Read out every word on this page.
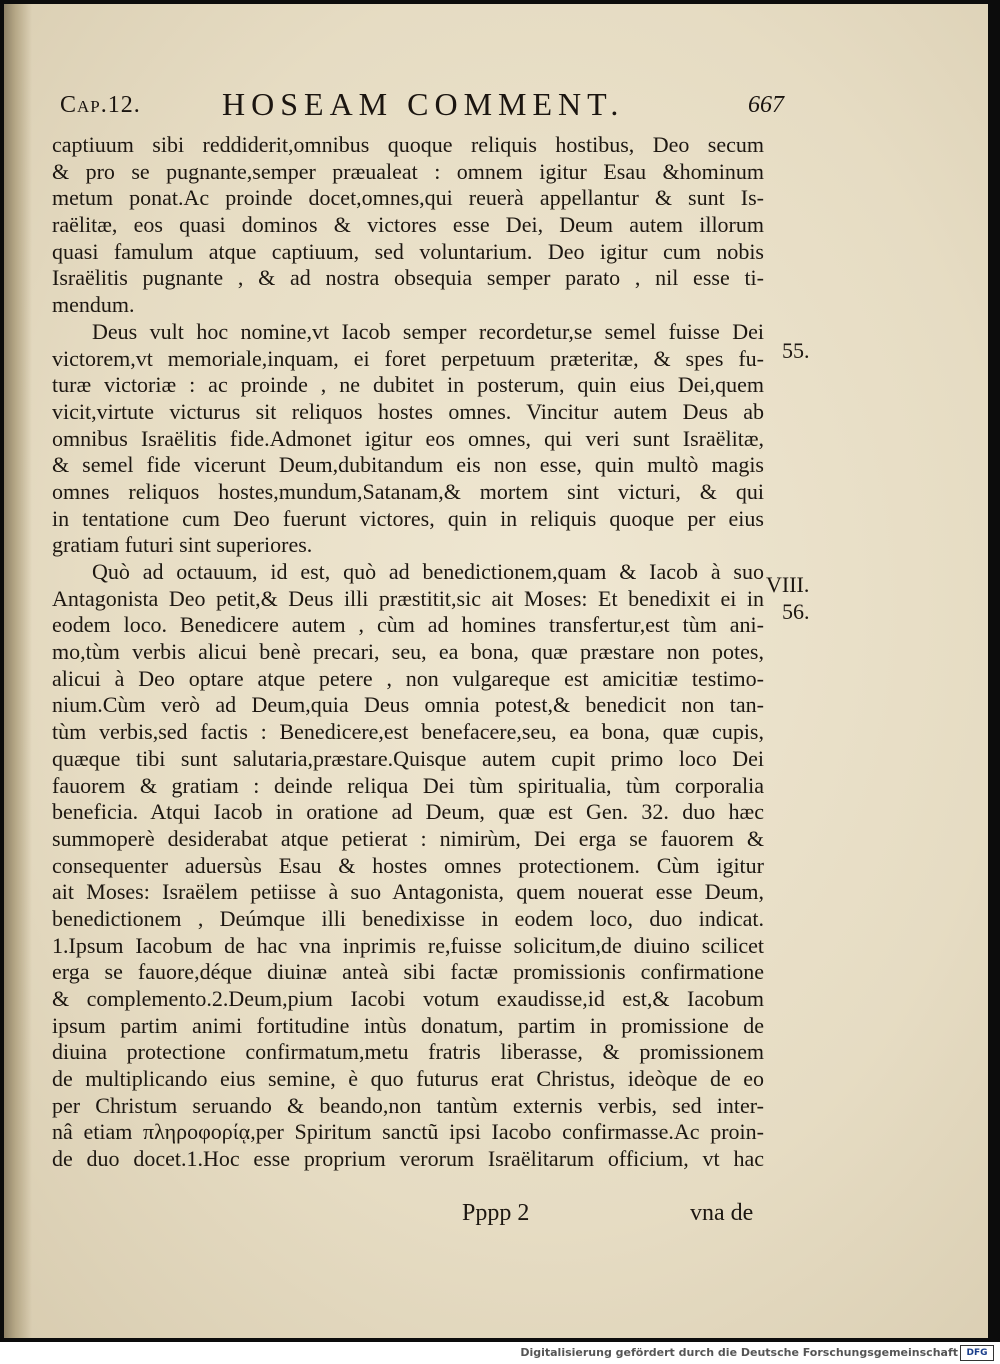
Cap.12.	HOSEAM COMMENT.	667
captiuum sibi reddiderit,omnibus quoque reliquis hostibus, Deo secum
& pro se pugnante,semper præualeat : omnem igitur Esau &hominum
metum ponat.Ac proinde docet,omnes,qui reuerà appellantur & sunt Is-
raëlitæ, eos quasi dominos & victores esse Dei, Deum autem illorum
quasi famulum atque captiuum, sed voluntarium. Deo igitur cum nobis
Israëlitis pugnante , & ad nostra obsequia semper parato , nil esse ti-
mendum.
Deus vult hoc nomine,vt Iacob semper recordetur,se semel fuisse Dei
victorem,vt memoriale,inquam, ei foret perpetuum præteritæ, & spes fu-
turæ victoriæ : ac proinde , ne dubitet in posterum, quin eius Dei,quem
vicit,virtute victurus sit reliquos hostes omnes. Vincitur autem Deus ab
omnibus Israëlitis fide.Admonet igitur eos omnes, qui veri sunt Israëlitæ,
& semel fide vicerunt Deum,dubitandum eis non esse, quin multò magis
omnes reliquos hostes,mundum,Satanam,& mortem sint victuri, & qui
in tentatione cum Deo fuerunt victores, quin in reliquis quoque per eius
gratiam futuri sint superiores.
Quò ad octauum, id est, quò ad benedictionem,quam & Iacob à suo
Antagonista Deo petit,& Deus illi præstitit,sic ait Moses: Et benedixit ei in
eodem loco. Benedicere autem , cùm ad homines transfertur,est tùm ani-
mo,tùm verbis alicui benè precari, seu, ea bona, quæ præstare non potes,
alicui à Deo optare atque petere , non vulgareque est amicitiæ testimo-
nium.Cùm verò ad Deum,quia Deus omnia potest,& benedicit non tan-
tùm verbis,sed factis : Benedicere,est benefacere,seu, ea bona, quæ cupis,
quæque tibi sunt salutaria,præstare.Quisque autem cupit primo loco Dei
fauorem & gratiam : deinde reliqua Dei tùm spiritualia, tùm corporalia
beneficia. Atqui Iacob in oratione ad Deum, quæ est Gen. 32. duo hæc
summoperè desiderabat atque petierat : nimirùm, Dei erga se fauorem &
consequenter aduersùs Esau & hostes omnes protectionem. Cùm igitur
ait Moses: Israëlem petiisse à suo Antagonista, quem nouerat esse Deum,
benedictionem , Deúmque illi benedixisse in eodem loco, duo indicat.
1.Ipsum Iacobum de hac vna inprimis re,fuisse solicitum,de diuino scilicet
erga se fauore,déque diuinæ anteà sibi factæ promissionis confirmatione
& complemento.2.Deum,pium Iacobi votum exaudisse,id est,& Iacobum
ipsum partim animi fortitudine intùs donatum, partim in promissione de
diuina protectione confirmatum,metu fratris liberasse, & promissionem
de multiplicando eius semine, è quo futurus erat Christus, ideòque de eo
per Christum seruando & beando,non tantùm externis verbis, sed inter-
nâ etiam πληροφορίᾳ,per Spiritum sanctũ ipsi Iacobo confirmasse.Ac proin-
de duo docet.1.Hoc esse proprium verorum Israëlitarum officium, vt hac
55.
VIII.
56.
Pppp 2	vna de
Digitalisierung gefördert durch die Deutsche Forschungsgemeinschaft DFG
